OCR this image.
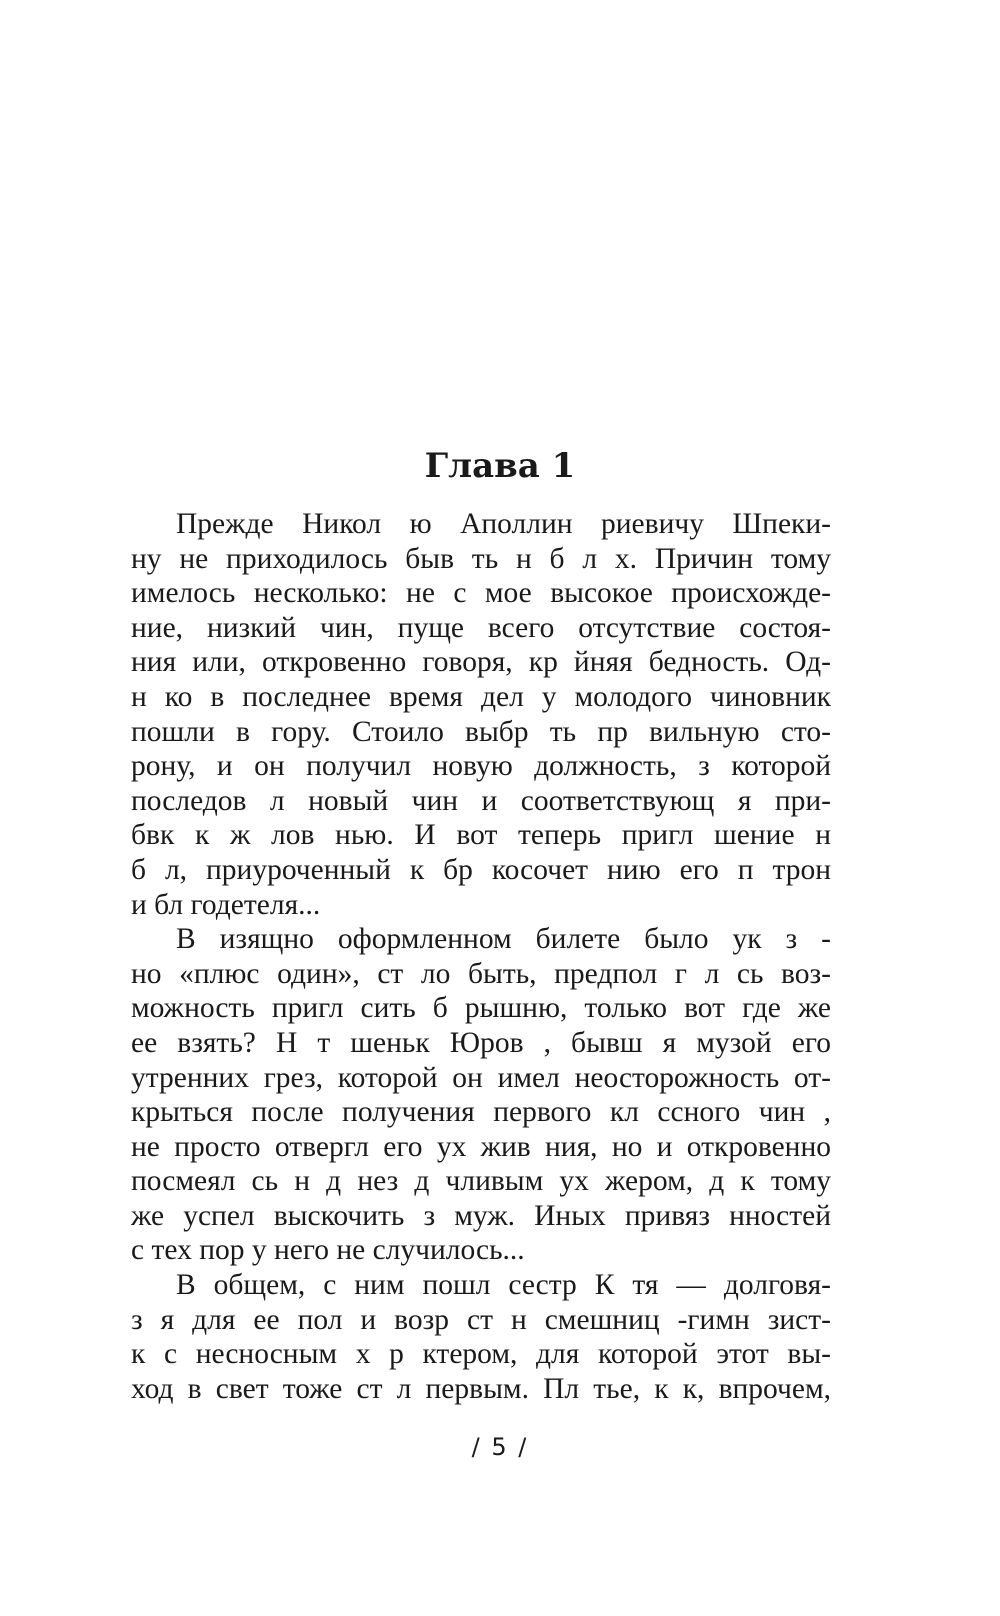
Глава 1
Прежде Никол ю Аполлин риевичу Шпеки-
ну не приходилось быв ть н б л х. Причин тому
имелось несколько: не с мое высокое происхожде-
ние, низкий чин, пуще всего отсутствие состоя-
ния или, откровенно говоря, кр йняя бедность. Од-
н ко в последнее время дел у молодого чиновник
пошли в гору. Стоило выбр ть пр вильную сто-
рону, и он получил новую должность, з которой
последов л новый чин и соответствующ я при-
бвк к ж лов нью. И вот теперь пригл шение н
б л, приуроченный к бр косочет нию его п трон
и бл годетеля...
В изящно оформленном билете было ук з -
но «плюс один», ст ло быть, предпол г л сь воз-
можность пригл сить б рышню, только вот где же
ее взять? Н т шеньк Юров , бывш я музой его
утренних грез, которой он имел неосторожность от-
крыться после получения первого кл ссного чин ,
не просто отвергл его ух жив ния, но и откровенно
посмеял сь н д нез д чливым ух жером, д к тому
же успел выскочить з муж. Иных привяз нностей
с тех пор у него не случилось...
В общем, с ним пошл сестр К тя — долговя-
з я для ее пол и возр ст н смешниц -гимн зист-
к с несносным х р ктером, для которой этот вы-
ход в свет тоже ст л первым. Пл тье, к к, впрочем,
/ 5 /
